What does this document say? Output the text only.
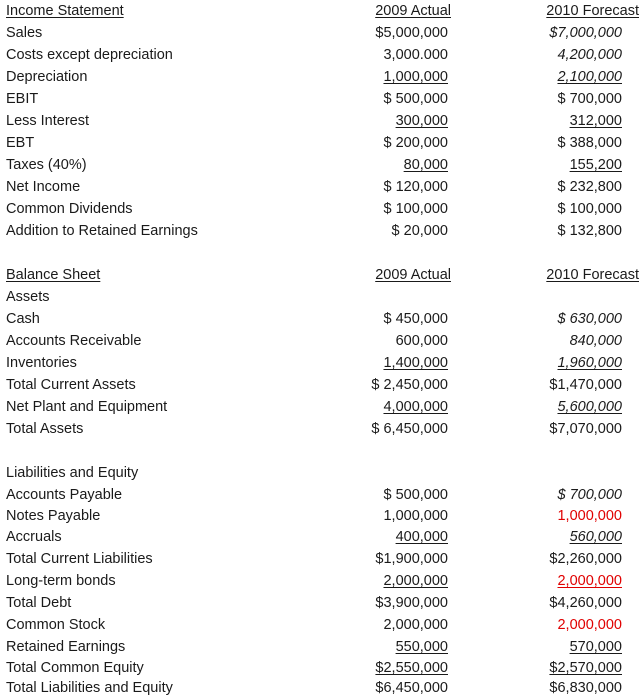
Income Statement	2009 Actual	2010 Forecast
Sales	$5,000,000	$7,000,000
Costs except depreciation	3,000.000	4,200,000
Depreciation	1,000,000	2,100,000
EBIT	$ 500,000	$ 700,000
Less Interest	300,000	312,000
EBT	$ 200,000	$ 388,000
Taxes (40%)	80,000	155,200
Net Income	$ 120,000	$ 232,800
Common Dividends	$ 100,000	$ 100,000
Addition to Retained Earnings	$ 20,000	$ 132,800
Balance Sheet	2009 Actual	2010 Forecast
Assets
Cash	$ 450,000	$ 630,000
Accounts Receivable	600,000	840,000
Inventories	1,400,000	1,960,000
Total Current Assets	$ 2,450,000	$1,470,000
Net Plant and Equipment	4,000,000	5,600,000
Total Assets	$ 6,450,000	$7,070,000
Liabilities and Equity
Accounts Payable	$ 500,000	$ 700,000
Notes Payable	1,000,000	1,000,000
Accruals	400,000	560,000
Total Current Liabilities	$1,900,000	$2,260,000
Long-term bonds	2,000,000	2,000,000
Total Debt	$3,900,000	$4,260,000
Common Stock	2,000,000	2,000,000
Retained Earnings	550,000	570,000
Total Common Equity	$2,550,000	$2,570,000
Total Liabilities and Equity	$6,450,000	$6,830,000
